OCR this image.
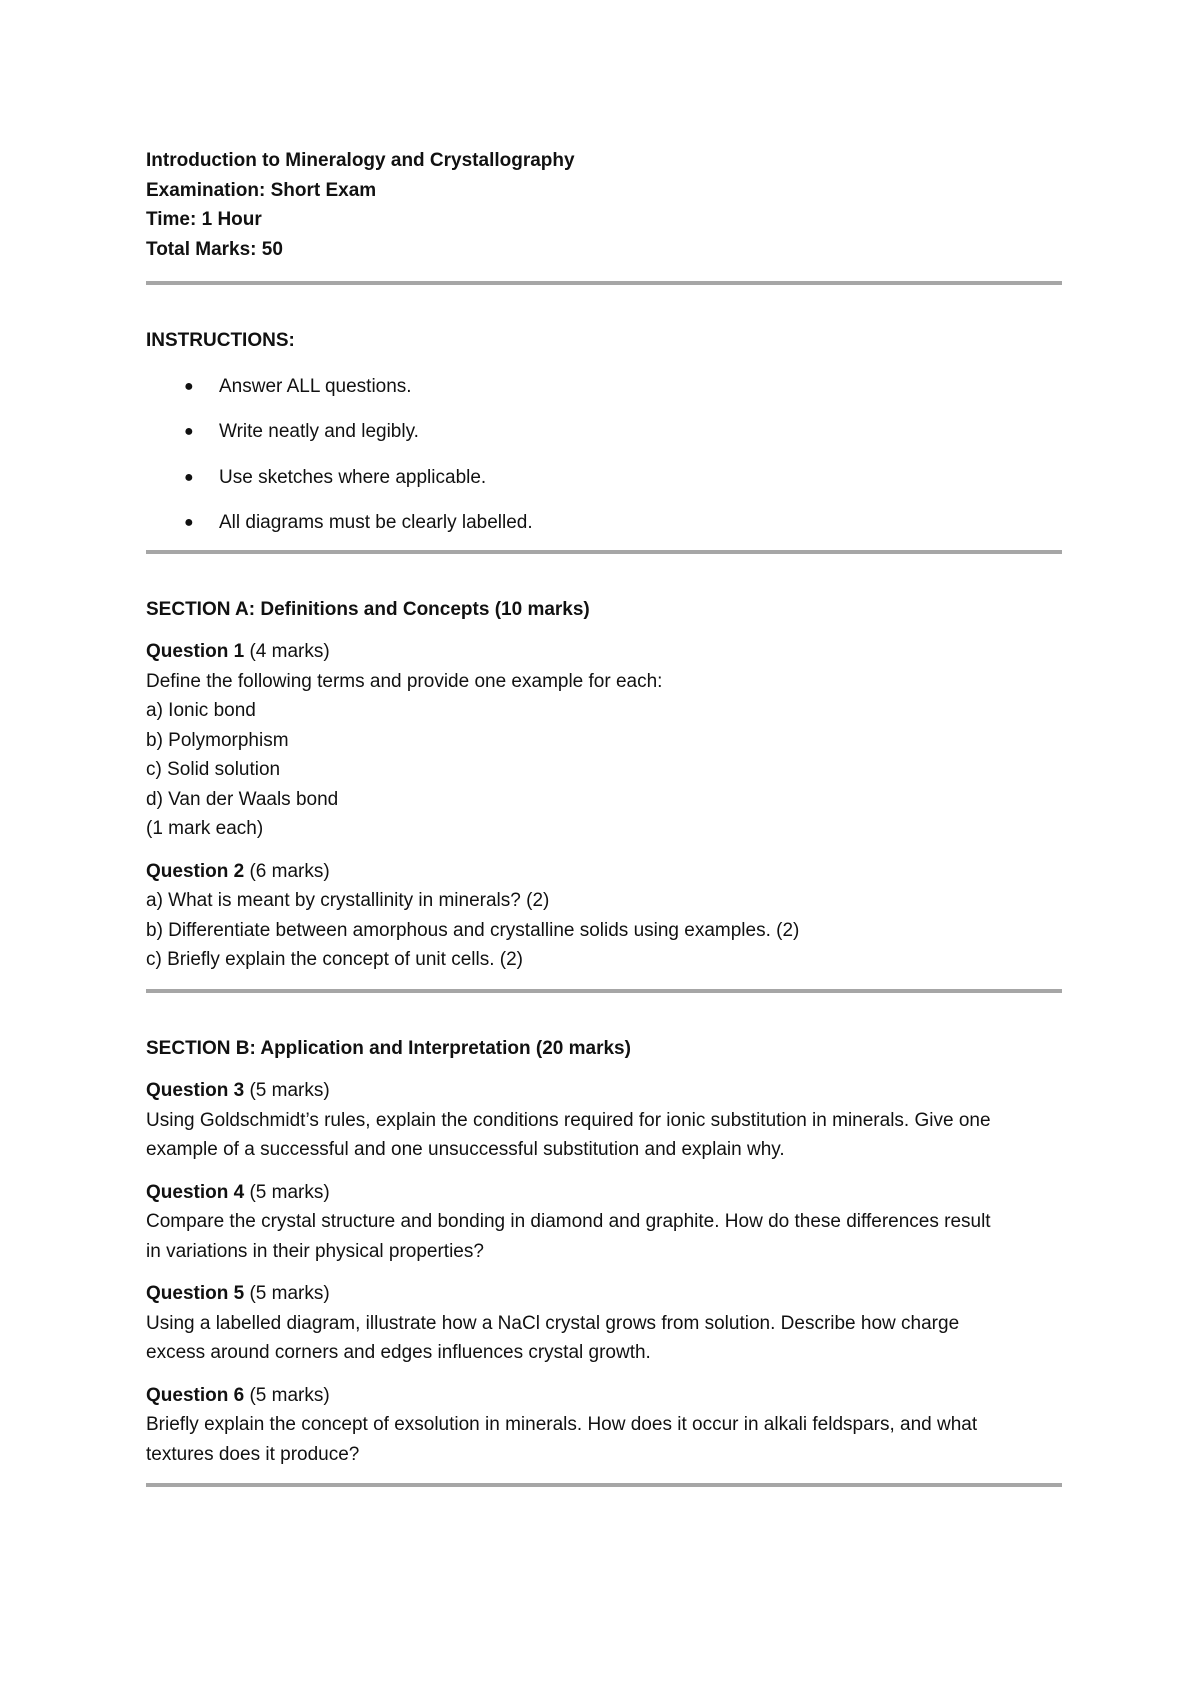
Introduction to Mineralogy and Crystallography
Examination: Short Exam
Time: 1 Hour
Total Marks: 50
INSTRUCTIONS:
● Answer ALL questions.
● Write neatly and legibly.
● Use sketches where applicable.
● All diagrams must be clearly labelled.
SECTION A: Definitions and Concepts (10 marks)
Question 1 (4 marks)
Define the following terms and provide one example for each:
a) Ionic bond
b) Polymorphism
c) Solid solution
d) Van der Waals bond
(1 mark each)
Question 2 (6 marks)
a) What is meant by crystallinity in minerals? (2)
b) Differentiate between amorphous and crystalline solids using examples. (2)
c) Briefly explain the concept of unit cells. (2)
SECTION B: Application and Interpretation (20 marks)
Question 3 (5 marks)
Using Goldschmidt’s rules, explain the conditions required for ionic substitution in minerals. Give one
example of a successful and one unsuccessful substitution and explain why.
Question 4 (5 marks)
Compare the crystal structure and bonding in diamond and graphite. How do these differences result
in variations in their physical properties?
Question 5 (5 marks)
Using a labelled diagram, illustrate how a NaCl crystal grows from solution. Describe how charge
excess around corners and edges influences crystal growth.
Question 6 (5 marks)
Briefly explain the concept of exsolution in minerals. How does it occur in alkali feldspars, and what
textures does it produce?
